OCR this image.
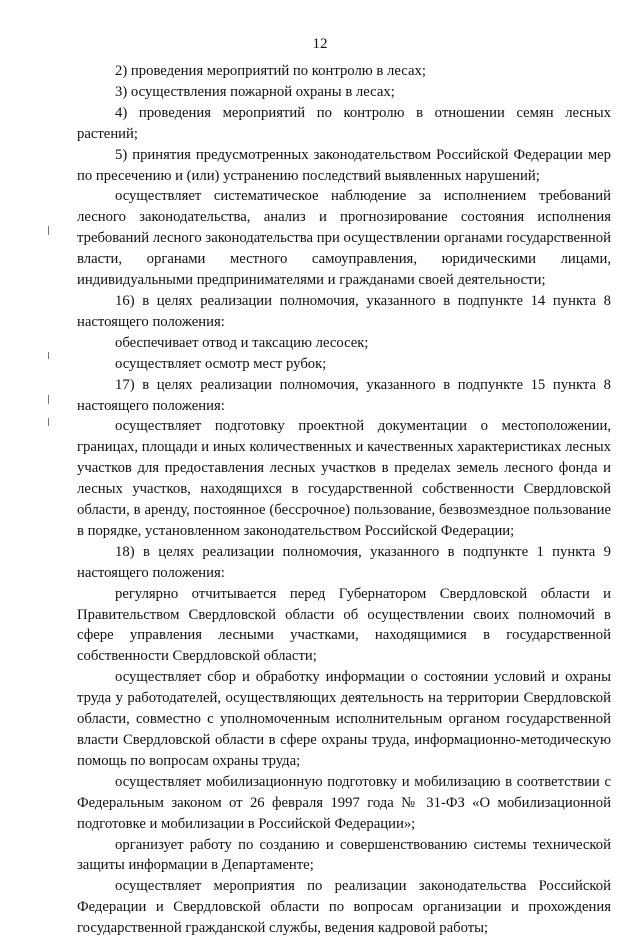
12

2) проведения мероприятий по контролю в лесах;

3) осуществления пожарной охраны в лесах;

4) проведения мероприятий по контролю в отношении семян лесных растений;

5) принятия предусмотренных законодательством Российской Федерации мер по пресечению и (или) устранению последствий выявленных нарушений;

осуществляет систематическое наблюдение за исполнением требований лесного законодательства, анализ и прогнозирование состояния исполнения требований лесного законодательства при осуществлении органами государственной власти, органами местного самоуправления, юридическими лицами, индивидуальными предпринимателями и гражданами своей деятельности;

16) в целях реализации полномочия, указанного в подпункте 14 пункта 8 настоящего положения:

обеспечивает отвод и таксацию лесосек;

осуществляет осмотр мест рубок;

17) в целях реализации полномочия, указанного в подпункте 15 пункта 8 настоящего положения:

осуществляет подготовку проектной документации о местоположении, границах, площади и иных количественных и качественных характеристиках лесных участков для предоставления лесных участков в пределах земель лесного фонда и лесных участков, находящихся в государственной собственности Свердловской области, в аренду, постоянное (бессрочное) пользование, безвозмездное пользование в порядке, установленном законодательством Российской Федерации;

18) в целях реализации полномочия, указанного в подпункте 1 пункта 9 настоящего положения:

регулярно отчитывается перед Губернатором Свердловской области и Правительством Свердловской области об осуществлении своих полномочий в сфере управления лесными участками, находящимися в государственной собственности Свердловской области;

осуществляет сбор и обработку информации о состоянии условий и охраны труда у работодателей, осуществляющих деятельность на территории Свердловской области, совместно с уполномоченным исполнительным органом государственной власти Свердловской области в сфере охраны труда, информационно-методическую помощь по вопросам охраны труда;

осуществляет мобилизационную подготовку и мобилизацию в соответствии с Федеральным законом от 26 февраля 1997 года № 31-ФЗ «О мобилизационной подготовке и мобилизации в Российской Федерации»;

организует работу по созданию и совершенствованию системы технической защиты информации в Департаменте;

осуществляет мероприятия по реализации законодательства Российской Федерации и Свердловской области по вопросам организации и прохождения государственной гражданской службы, ведения кадровой работы;
